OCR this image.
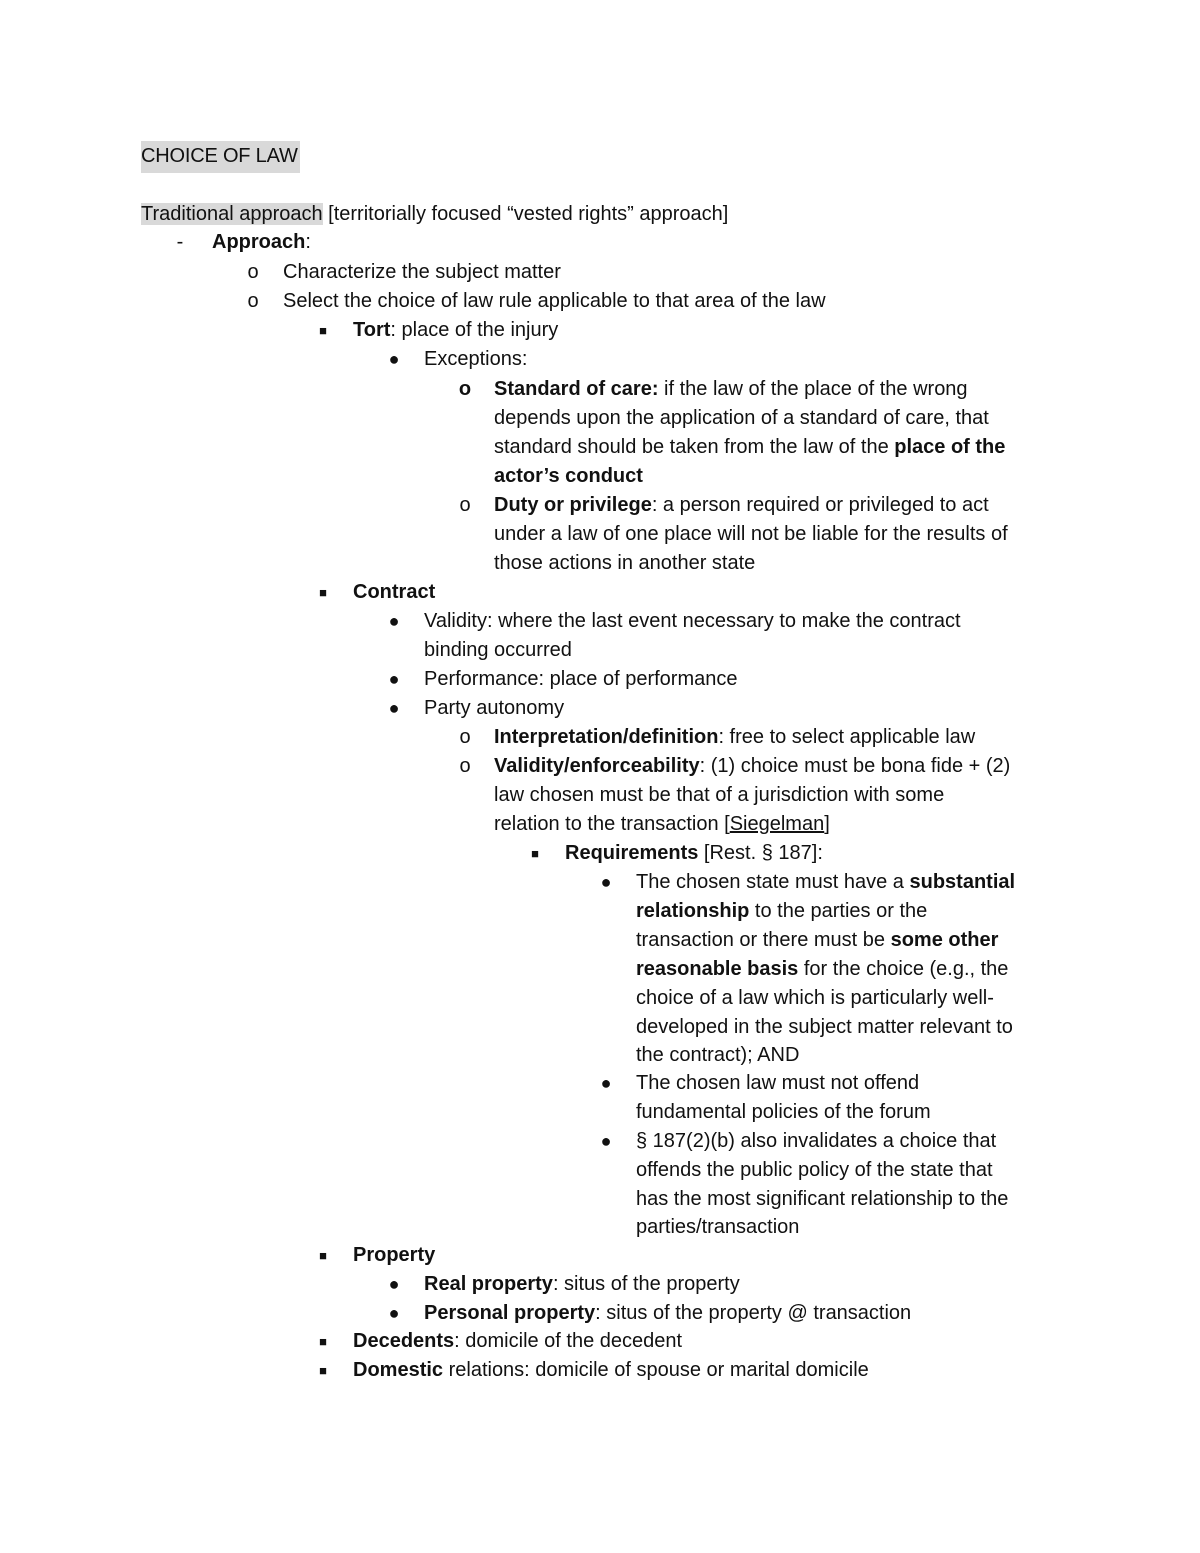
CHOICE OF LAW
Traditional approach [territorially focused “vested rights” approach]
-	Approach:
o Characterize the subject matter
o Select the choice of law rule applicable to that area of the law
■	Tort: place of the injury
● Exceptions:
o Standard of care: if the law of the place of the wrong
depends upon the application of a standard of care, that
standard should be taken from the law of the place of the
actor’s conduct
o Duty or privilege: a person required or privileged to act
under a law of one place will not be liable for the results of
those actions in another state
■	Contract
● Validity: where the last event necessary to make the contract
binding occurred
● Performance: place of performance
● Party autonomy
o Interpretation/definition: free to select applicable law
o Validity/enforceability: (1) choice must be bona fide + (2)
law chosen must be that of a jurisdiction with some
relation to the transaction [Siegelman]
■	Requirements [Rest. § 187]:
● The chosen state must have a substantial
relationship to the parties or the
transaction or there must be some other
reasonable basis for the choice (e.g., the
choice of a law which is particularly well-
developed in the subject matter relevant to
the contract); AND
● The chosen law must not offend
fundamental policies of the forum
● § 187(2)(b) also invalidates a choice that
offends the public policy of the state that
has the most significant relationship to the
parties/transaction
■	Property
● Real property: situs of the property
● Personal property: situs of the property @ transaction
■	Decedents: domicile of the decedent
■	Domestic relations: domicile of spouse or marital domicile
